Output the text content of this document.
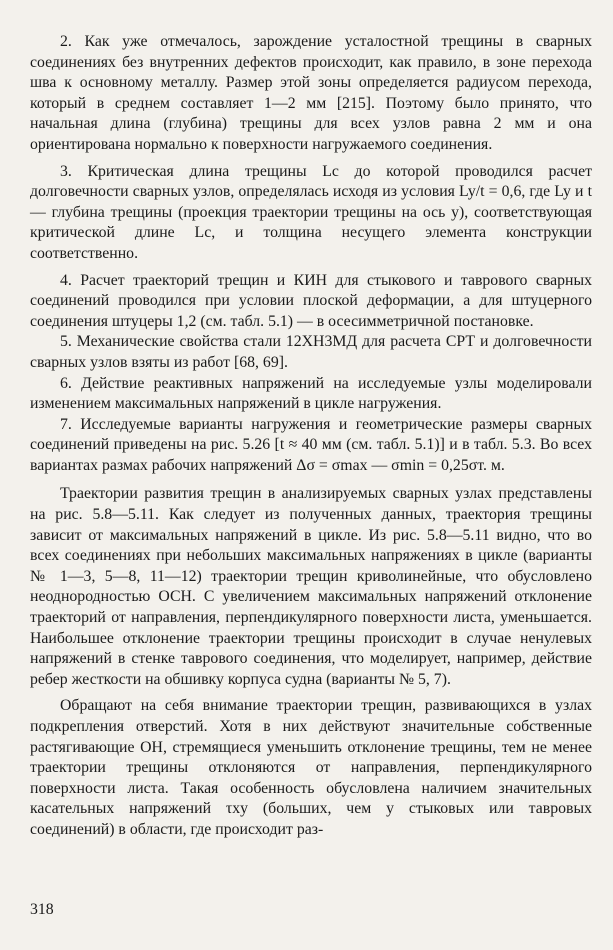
2. Как уже отмечалось, зарождение усталостной трещины в сварных соединениях без внутренних дефектов происходит, как правило, в зоне перехода шва к основному металлу. Размер этой зоны определяется радиусом перехода, который в среднем составляет 1—2 мм [215]. Поэтому было принято, что начальная длина (глубина) трещины для всех узлов равна 2 мм и она ориентирована нормально к поверхности нагружаемого соединения.

3. Критическая длина трещины Lc до которой проводился расчет долговечности сварных узлов, определялась исходя из условия Ly/t = 0,6, где Ly и t — глубина трещины (проекция траектории трещины на ось y), соответствующая критической длине Lc, и толщина несущего элемента конструкции соответственно.

4. Расчет траекторий трещин и КИН для стыкового и таврового сварных соединений проводился при условии плоской деформации, а для штуцерного соединения штуцеры 1,2 (см. табл. 5.1) — в осесимметричной постановке.

5. Механические свойства стали 12ХН3МД для расчета СРТ и долговечности сварных узлов взяты из работ [68, 69].

6. Действие реактивных напряжений на исследуемые узлы моделировали изменением максимальных напряжений в цикле нагружения.

7. Исследуемые варианты нагружения и геометрические размеры сварных соединений приведены на рис. 5.26 [t ≈ 40 мм (см. табл. 5.1)] и в табл. 5.3. Во всех вариантах размах рабочих напряжений Δσ = σmax — σmin = 0,25σт. м.

Траектории развития трещин в анализируемых сварных узлах представлены на рис. 5.8—5.11. Как следует из полученных данных, траектория трещины зависит от максимальных напряжений в цикле. Из рис. 5.8—5.11 видно, что во всех соединениях при небольших максимальных напряжениях в цикле (варианты № 1—3, 5—8, 11—12) траектории трещин криволинейные, что обусловлено неоднородностью ОСН. С увеличением максимальных напряжений отклонение траекторий от направления, перпендикулярного поверхности листа, уменьшается. Наибольшее отклонение траектории трещины происходит в случае ненулевых напряжений в стенке таврового соединения, что моделирует, например, действие ребер жесткости на обшивку корпуса судна (варианты № 5, 7).

Обращают на себя внимание траектории трещин, развивающихся в узлах подкрепления отверстий. Хотя в них действуют значительные собственные растягивающие ОН, стремящиеся уменьшить отклонение трещины, тем не менее траектории трещины отклоняются от направления, перпендикулярного поверхности листа. Такая особенность обусловлена наличием значительных касательных напряжений τxy (больших, чем у стыковых или тавровых соединений) в области, где происходит раз-

318
